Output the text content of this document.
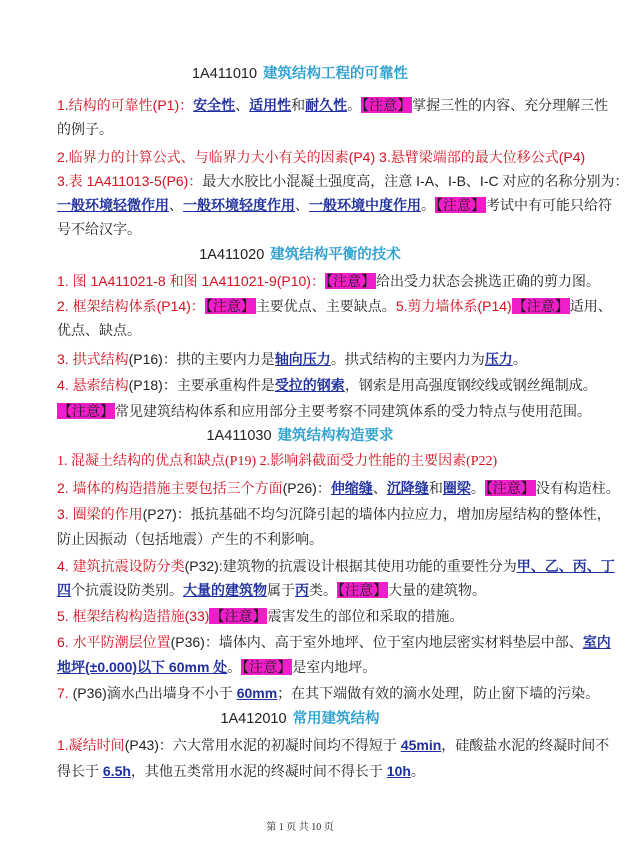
1A411010 建筑结构工程的可靠性
1.结构的可靠性(P1)：安全性、适用性和耐久性。【注意】掌握三性的内容、充分理解三性
的例子。
2.临界力的计算公式、与临界力大小有关的因素(P4) 3.悬臂梁端部的最大位移公式(P4)
3.表 1A411013-5(P6)：最大水胶比小混凝土强度高，注意 I-A、I-B、I-C 对应的名称分别为：
一般环境轻微作用、一般环境轻度作用、一般环境中度作用。【注意】考试中有可能只给符
号不给汉字。
1A411020 建筑结构平衡的技术
1. 图 1A411021-8 和图 1A411021-9(P10)：【注意】给出受力状态会挑选正确的剪力图。
2. 框架结构体系(P14)：【注意】主要优点、主要缺点。5.剪力墙体系(P14)【注意】适用、
优点、缺点。
3. 拱式结构(P16)：拱的主要内力是轴向压力。拱式结构的主要内力为压力。
4. 悬索结构(P18)：主要承重构件是受拉的钢索，钢索是用高强度钢绞线或钢丝绳制成。
【注意】常见建筑结构体系和应用部分主要考察不同建筑体系的受力特点与使用范围。
1A411030 建筑结构构造要求
1. 混凝土结构的优点和缺点(P19) 2.影响斜截面受力性能的主要因素(P22)
2. 墙体的构造措施主要包括三个方面(P26)：伸缩缝、沉降缝和圈梁。【注意】没有构造柱。
3. 圈梁的作用(P27)：抵抗基础不均匀沉降引起的墙体内拉应力，增加房屋结构的整体性，
防止因振动（包括地震）产生的不利影响。
4. 建筑抗震设防分类(P32):建筑物的抗震设计根据其使用功能的重要性分为甲、乙、丙、丁
四个抗震设防类别。大量的建筑物属于丙类。【注意】大量的建筑物。
5. 框架结构构造措施(33)【注意】震害发生的部位和采取的措施。
6. 水平防潮层位置(P36)：墙体内、高于室外地坪、位于室内地层密实材料垫层中部、室内
地坪(±0.000)以下 60mm 处。【注意】是室内地坪。
7. (P36)滴水凸出墙身不小于 60mm；在其下端做有效的滴水处理，防止窗下墙的污染。
1A412010 常用建筑结构
1.凝结时间(P43)：六大常用水泥的初凝时间均不得短于 45min，硅酸盐水泥的终凝时间不
得长于 6.5h，其他五类常用水泥的终凝时间不得长于 10h。
第 1 页 共 10 页
